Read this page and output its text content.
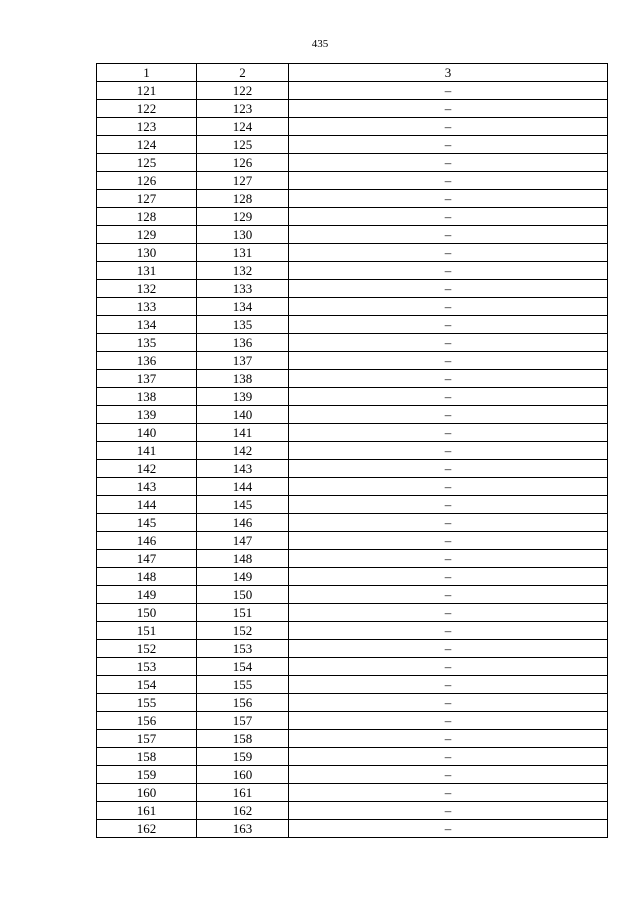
435
1	2	3
121	122	–
122	123	–
123	124	–
124	125	–
125	126	–
126	127	–
127	128	–
128	129	–
129	130	–
130	131	–
131	132	–
132	133	–
133	134	–
134	135	–
135	136	–
136	137	–
137	138	–
138	139	–
139	140	–
140	141	–
141	142	–
142	143	–
143	144	–
144	145	–
145	146	–
146	147	–
147	148	–
148	149	–
149	150	–
150	151	–
151	152	–
152	153	–
153	154	–
154	155	–
155	156	–
156	157	–
157	158	–
158	159	–
159	160	–
160	161	–
161	162	–
162	163	–
